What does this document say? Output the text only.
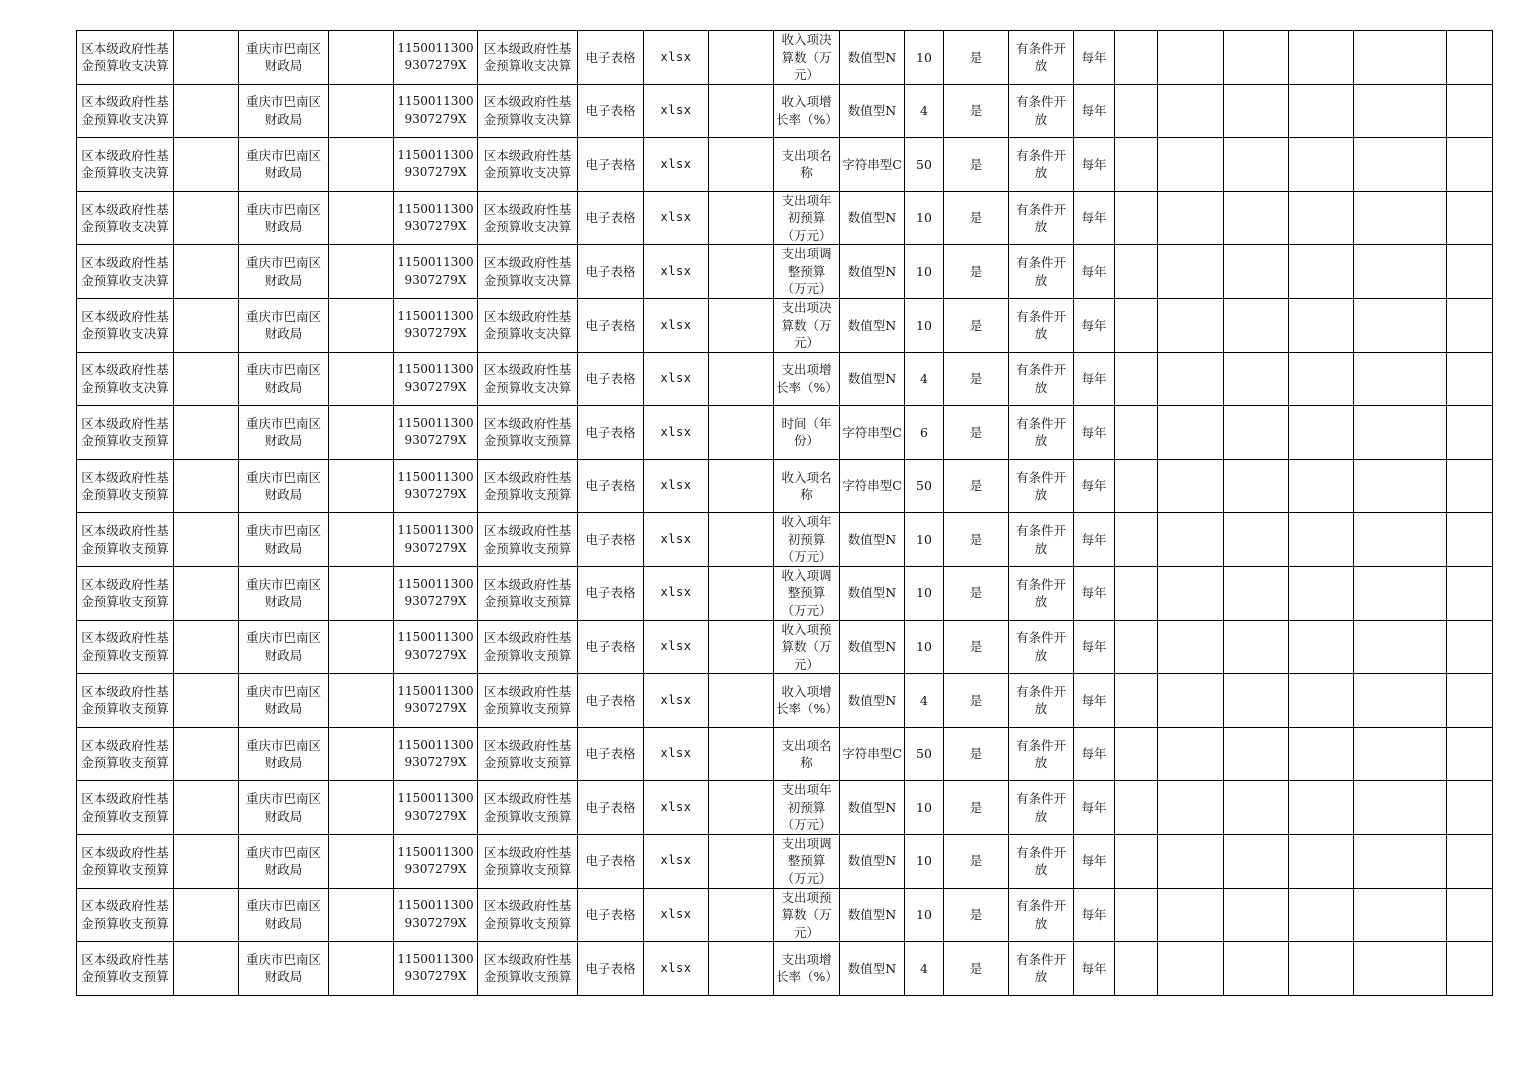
区本级政府性基金预算收支决算		重庆市巴南区财政局		11500113009307279X	区本级政府性基金预算收支决算	电子表格	xlsx		收入项决算数（万元）	数值型N	10	是	有条件开放	每年						
区本级政府性基金预算收支决算		重庆市巴南区财政局		11500113009307279X	区本级政府性基金预算收支决算	电子表格	xlsx		收入项增长率（%）	数值型N	4	是	有条件开放	每年						
区本级政府性基金预算收支决算		重庆市巴南区财政局		11500113009307279X	区本级政府性基金预算收支决算	电子表格	xlsx		支出项名称	字符串型C	50	是	有条件开放	每年						
区本级政府性基金预算收支决算		重庆市巴南区财政局		11500113009307279X	区本级政府性基金预算收支决算	电子表格	xlsx		支出项年初预算（万元）	数值型N	10	是	有条件开放	每年						
区本级政府性基金预算收支决算		重庆市巴南区财政局		11500113009307279X	区本级政府性基金预算收支决算	电子表格	xlsx		支出项调整预算（万元）	数值型N	10	是	有条件开放	每年						
区本级政府性基金预算收支决算		重庆市巴南区财政局		11500113009307279X	区本级政府性基金预算收支决算	电子表格	xlsx		支出项决算数（万元）	数值型N	10	是	有条件开放	每年						
区本级政府性基金预算收支决算		重庆市巴南区财政局		11500113009307279X	区本级政府性基金预算收支决算	电子表格	xlsx		支出项增长率（%）	数值型N	4	是	有条件开放	每年						
区本级政府性基金预算收支预算		重庆市巴南区财政局		11500113009307279X	区本级政府性基金预算收支预算	电子表格	xlsx		时间（年份）	字符串型C	6	是	有条件开放	每年						
区本级政府性基金预算收支预算		重庆市巴南区财政局		11500113009307279X	区本级政府性基金预算收支预算	电子表格	xlsx		收入项名称	字符串型C	50	是	有条件开放	每年						
区本级政府性基金预算收支预算		重庆市巴南区财政局		11500113009307279X	区本级政府性基金预算收支预算	电子表格	xlsx		收入项年初预算（万元）	数值型N	10	是	有条件开放	每年						
区本级政府性基金预算收支预算		重庆市巴南区财政局		11500113009307279X	区本级政府性基金预算收支预算	电子表格	xlsx		收入项调整预算（万元）	数值型N	10	是	有条件开放	每年						
区本级政府性基金预算收支预算		重庆市巴南区财政局		11500113009307279X	区本级政府性基金预算收支预算	电子表格	xlsx		收入项预算数（万元）	数值型N	10	是	有条件开放	每年						
区本级政府性基金预算收支预算		重庆市巴南区财政局		11500113009307279X	区本级政府性基金预算收支预算	电子表格	xlsx		收入项增长率（%）	数值型N	4	是	有条件开放	每年						
区本级政府性基金预算收支预算		重庆市巴南区财政局		11500113009307279X	区本级政府性基金预算收支预算	电子表格	xlsx		支出项名称	字符串型C	50	是	有条件开放	每年						
区本级政府性基金预算收支预算		重庆市巴南区财政局		11500113009307279X	区本级政府性基金预算收支预算	电子表格	xlsx		支出项年初预算（万元）	数值型N	10	是	有条件开放	每年						
区本级政府性基金预算收支预算		重庆市巴南区财政局		11500113009307279X	区本级政府性基金预算收支预算	电子表格	xlsx		支出项调整预算（万元）	数值型N	10	是	有条件开放	每年						
区本级政府性基金预算收支预算		重庆市巴南区财政局		11500113009307279X	区本级政府性基金预算收支预算	电子表格	xlsx		支出项预算数（万元）	数值型N	10	是	有条件开放	每年						
区本级政府性基金预算收支预算		重庆市巴南区财政局		11500113009307279X	区本级政府性基金预算收支预算	电子表格	xlsx		支出项增长率（%）	数值型N	4	是	有条件开放	每年						
